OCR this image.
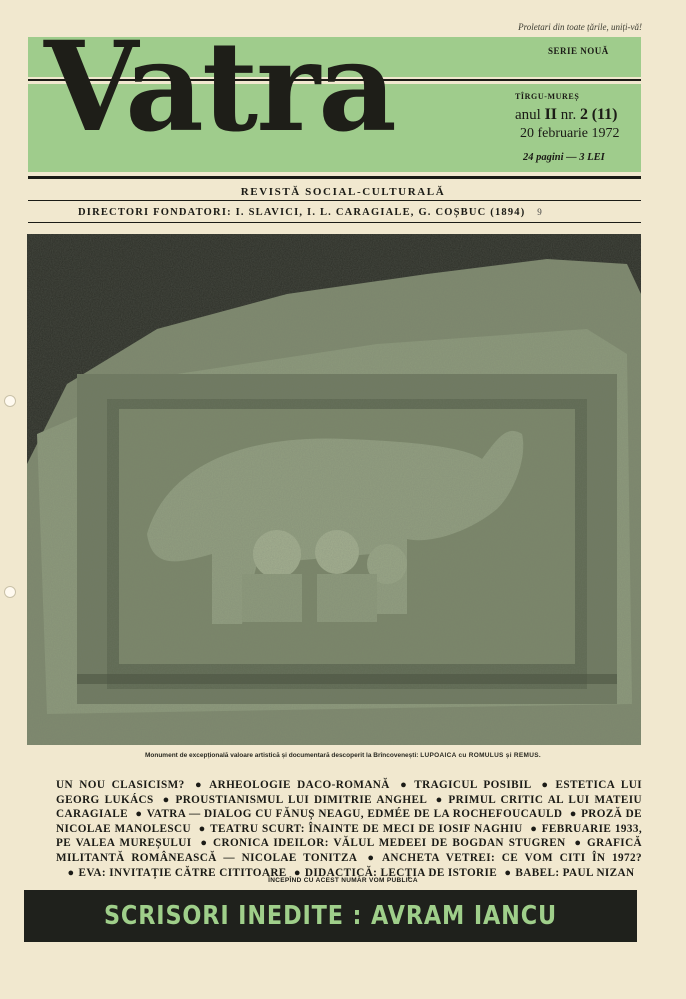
Proletari din toate țările, uniți-vă!
Vatra	SERIE NOUĂ
TÎRGU-MUREȘ
anul II nr. 2 (11)
20 februarie 1972
24 pagini — 3 LEI
REVISTĂ SOCIAL-CULTURALĂ
DIRECTORI FONDATORI: I. SLAVICI, I. L. CARAGIALE, G. COȘBUC (1894) 9
Monument de excepțională valoare artistică și documentară descoperit la Brîncovenești: LUPOAICA cu ROMULUS și REMUS.
UN NOU CLASICISM? ● ARHEOLOGIE DACO-ROMANĂ ● TRAGICUL POSIBIL ● ESTETICA LUI GEORG LUKÁCS ● PROUSTIANISMUL LUI DIMITRIE ANGHEL ● PRIMUL CRITIC AL LUI MATEIU CARAGIALE ● VATRA — DIALOG CU FĂNUȘ NEAGU, EDMÉE DE LA ROCHEFOUCAULD ● PROZĂ DE NICOLAE MANOLESCU ● TEATRU SCURT: ÎNAINTE DE MECI DE IOSIF NAGHIU ● FEBRUARIE 1933, PE VALEA MUREȘULUI ● CRONICA IDEILOR: VĂLUL MEDEEI DE BOGDAN STUGREN ● GRAFICĂ MILITANTĂ ROMÂNEASCĂ — NICOLAE TONITZA ● ANCHETA VETREI: CE VOM CITI ÎN 1972? ● EVA: INVITAȚIE CĂTRE CITITOARE ● DIDACTICĂ: LECȚIA DE ISTORIE ● BABEL: PAUL NIZAN
ÎNCEPÎND CU ACEST NUMĂR VOM PUBLICA
SCRISORI INEDITE : AVRAM IANCU
